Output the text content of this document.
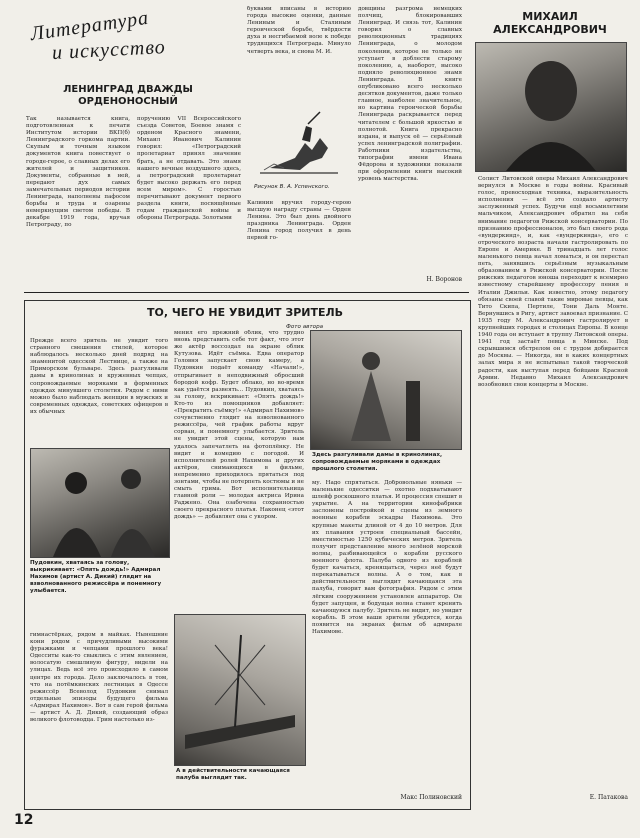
Литература
и искусство
ЛЕНИНГРАД ДВАЖДЫ
ОРДЕНОНОСНЫЙ
Так называется книга, подготовленная к печати Институтом истории ВКП(б) Ленинградского горкома партии. Скупым и точным языком документов книга повествует о городе-герое, о славных делах его жителей и защитников. Документы, собранные в ней, передают дух самых замечательных периодов истории Ленинграда, наполнены пафосом борьбы и труда и озарены немеркнущим светом победы. В декабре 1919 года, вручая Петрограду, по
поручению VII Всероссийского съезда Советов, Боевое знамя с орденом Красного знамени, Михаил Иванович Калинин говорил: «Петроградский пролетариат принял значение брать, а не отдавать. Это знамя нашего вечные воздушного здесь, а петроградский пролетариат будет высоко держать его перед всем миром». С горостью перечитывают документ первого раздела книги, посвящённые годам гражданской войны и обороны Петрограда. Золотыми
буквами вписаны в историю города высокие оценки, данные Лениным и Сталиным героической борьбе, твёрдости духа и несгибаемой воле к победе трудящихся Петрограда. Минуло четверть века, и снова М. И.
Рисунок В. А. Успенского.
Калинин вручил городу-герою высшую награду страны — Орден Ленина. Это был день двойного праздника Ленинграда. Орден Ленина город получил в день первой го-
довщины разгрома немецких полчищ, блокировавших Ленинград. И связь тот, Калинин говорил о славных революционных традициях Ленинграда, о молодом поколении, которое не только не уступает в доблести старому поколению, а, наоборот, высоко подняло революционное знамя Ленинграда. В книге опубликовано всего несколько десятков документов, даже только главное, наиболее значительное, но картина героической борьбы Ленинграда раскрывается перед читателем с большой яркостью и полнотой. Книга прекрасно издана, и выпуск её — серьёзный успех ленинградской полиграфии. Работники издательства, типографии имени Ивана Фёдорова и художники показали при оформлении книги высокий уровень мастерства.
Н. Воронов
МИХАИЛ
АЛЕКСАНДРОВИЧ
Солист Литовской оперы Михаил Александрович вернулся в Москве в годы войны. Красивый голос, превосходная техника, выразительность исполнения — всё это создало артисту заслуженный успех. Будучи ещё восьмилетним мальчиком, Александрович обратил на себя внимание педагогов Рижской консерватории. По признанию профессионалов, это был своего рода «вундеркинд», и, как «вундеркинда», его с отроческого возраста начали гастролировать по Европе и Америке. В тринадцать лет голос маленького певца начал ломаться, и он перестал петь, занявшись серьёзным музыкальным образованием в Рижской консерватории. После рижских педагогов юноша переходит к всемирно известному старейшему профессору пения в Италии Джильи. Как известно, этому педагогу обязаны своей славой такие мировые певцы, как Тито Скипа, Пертиле, Тони Даль Монте. Вернувшись в Ригу, артист завоевал признание. С 1935 году М. Александрович гастролирует в крупнейших городах и столицах Европы. В конце 1940 года он вступает в труппу Литовской оперы. 1941 год застаёт певца в Минске. Под скрывшимся обстрелом он с трудом добирается до Москвы. — Никогда, ни в каких концертных залах мира я не испытывал такой творческой радости, как выступая перед бойцами Красной Армии. Недавно Михаил Александрович возобновил свои концерты в Москве.
Е. Патакова
ТО, ЧЕГО НЕ УВИДИТ ЗРИТЕЛЬ
Фото автора
Прежде всего зритель не увидит того странного смешения стилей, которое наблюдалось несколько дней подряд на знаменитой одесской Лестнице, а также на Приморском бульваре. Здесь разгуливали дамы в кринолинах и кружевных чепцах, сопровождаемые моряками в форменных одеждах минувшего столетия. Рядом с ними можно было наблюдать женщин в мужских и современных одеждах, советских офицеров в их обычных
менил его прежний облик, что трудно вновь представить себе тот факт, что этот же актёр воссоздал на экране облик Кутузова. Идёт съёмка. Едва оператор Головня запускает свою камеру, а Пудовкин подаёт команду «Начали!», отпрыгивает в неподвижный обросший бородой кофр. Будет облако, но во-время как удаётся развеять... Пудовкин, хватаясь за голову, вскрикивает: «Опять дождь!» Кто-то из помощников добавляет: «Прекратить съёмку!» «Адмирал Нахимов» сочувственно глядит на взволнованного режиссёра, чей график работы вдруг сорван, и понемногу улыбается. Зритель не увидит этой сцены, которую нам удалось запечатлеть на фотоплёнку. Не видит и комедию с погодой. И исполнителей ролей Нахимова и других актёров, снимающихся в фильме, непременно приходилось прятаться под зонтами, чтобы не потерпеть костюмы и не смыть грима. Вот исполнительница главной роли — молодая актриса Ирина Раджено. Она озабочена сохранностью своего прекрасного платья. Наконец «этот дождь» — добавляет она с укором.
Здесь разгуливали дамы в кринолинах, сопровождаемые моряками в одеждах прошлого столетия.
му. Надо спрятаться. Добровольные няньки — маленькие одесситки — охотно подхватывают шлейф роскошного платья. И процессия спешит в укрытие. А на территории кинофабрики заслонены постройкой и сцены из земного военные корабли эскадры Нахимова. Это крупные макеты длиной от 4 до 10 метров. Для их плавания устроен специальный бассейн, вместимостью 1250 кубических метров. Зритель получит представление много зелёной морской волны, разбивающейся о корабли русского военного флота. Палуба одного из кораблей будет качаться, кренящаться, через неё будут перекатываться волны. А о том, как в действительности выглядит качающаяся эта палуба, говорит вам фотография. Рядом с этим лёгким сооружением установлен аппаратор. Он будет запущен, и бодущая волна станет кренить качающуюся палубу. Зритель не видит, но увидит корабль. В этом ваши зрители убедятся, когда появится на экранах фильм об адмирале Нахимове.
Макс Полиновский
Пудовкин, хватаясь за голову, выкрикивает: «Опять дождь!» Адмирал Нахимов (артист А. Дикий) глядит на взволнованного режиссёра и понемногу улыбается.
гимнастёрках, рядом в майках. Нынешние кони рядом с причудливыми высокими фуражками и чепцами прошлого века! Одесситы как-то свыклись с этим явлением, волосатую смешливую фигуру, видели на улицах. Ведь всё это происходило в самом центре их города. Дело заключалось в том, что на потёмкинских лестницах в Одессе режиссёр Всеволод Пудовкин снимал отдельные эпизоды будущего фильма «Адмирал Нахимов». Вот в сам герой фильма — артист А. Д. Дикий, создающий образ великого флотоводца. Грим настолько из-
А в действительности качающаяся палуба выглядит так.
12
